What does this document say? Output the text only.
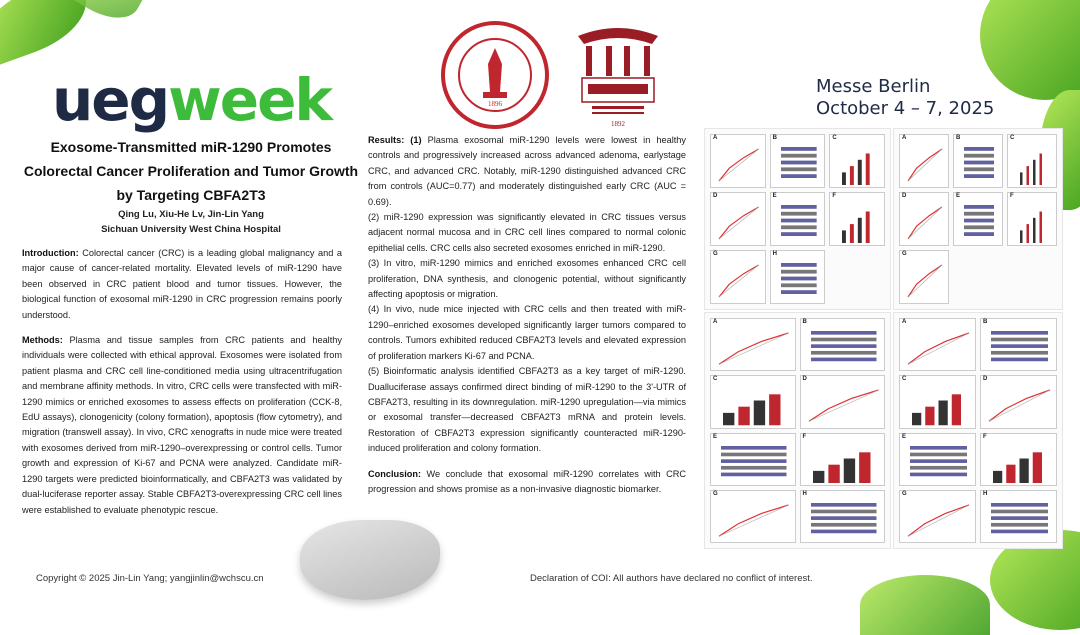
uegweek	1896
1892
Messe Berlin
October 4 – 7, 2025
Exosome-Transmitted miR-1290 Promotes
Colorectal Cancer Proliferation and Tumor Growth
by Targeting CBFA2T3
Qing Lu, Xiu-He Lv, Jin-Lin Yang
Sichuan University West China Hospital

Introduction: Colorectal cancer (CRC) is a leading global malignancy and a major cause of cancer-related mortality. Elevated levels of miR-1290 have been observed in CRC patient blood and tumor tissues. However, the biological function of exosomal miR-1290 in CRC progression remains poorly understood.

Methods: Plasma and tissue samples from CRC patients and healthy individuals were collected with ethical approval. Exosomes were isolated from patient plasma and CRC cell line-conditioned media using ultracentrifugation and membrane affinity methods. In vitro, CRC cells were transfected with miR-1290 mimics or enriched exosomes to assess effects on proliferation (CCK-8, EdU assays), clonogenicity (colony formation), apoptosis (flow cytometry), and migration (transwell assay). In vivo, CRC xenografts in nude mice were treated with exosomes derived from miR-1290–overexpressing or control cells. Tumor growth and expression of Ki-67 and PCNA were analyzed. Candidate miR-1290 targets were predicted bioinformatically, and CBFA2T3 was validated by dual-luciferase reporter assay. Stable CBFA2T3-overexpressing CRC cell lines were established to evaluate phenotypic rescue.

Results: (1) Plasma exosomal miR-1290 levels were lowest in healthy controls and progressively increased across advanced adenoma, earlystage CRC, and advanced CRC. Notably, miR-1290 distinguished advanced CRC from controls (AUC=0.77) and moderately distinguished early CRC (AUC = 0.69).

(2) miR-1290 expression was significantly elevated in CRC tissues versus adjacent normal mucosa and in CRC cell lines compared to normal colonic epithelial cells. CRC cells also secreted exosomes enriched in miR-1290.

(3) In vitro, miR-1290 mimics and enriched exosomes enhanced CRC cell proliferation, DNA synthesis, and clonogenic potential, without significantly affecting apoptosis or migration.

(4) In vivo, nude mice injected with CRC cells and then treated with miR-1290–enriched exosomes developed significantly larger tumors compared to controls. Tumors exhibited reduced CBFA2T3 levels and elevated expression of proliferation markers Ki-67 and PCNA.

(5) Bioinformatic analysis identified CBFA2T3 as a key target of miR-1290. Dualluciferase assays confirmed direct binding of miR-1290 to the 3'-UTR of CBFA2T3, resulting in its downregulation. miR-1290 upregulation—via mimics or exosomal transfer—decreased CBFA2T3 mRNA and protein levels. Restoration of CBFA2T3 expression significantly counteracted miR-1290-induced proliferation and colony formation.

Conclusion: We conclude that exosomal miR-1290 correlates with CRC progression and shows promise as a non-invasive diagnostic biomarker.

A	B	C
D	E	F
G	H
A	B	C
D	E	F
G
A	B
C	D
E	F
G	H
A	B
C	D
E	F
G	H
Copyright © 2025 Jin-Lin Yang; yangjinlin@wchscu.cn	Declaration of COI: All authors have declared no conflict of interest.
